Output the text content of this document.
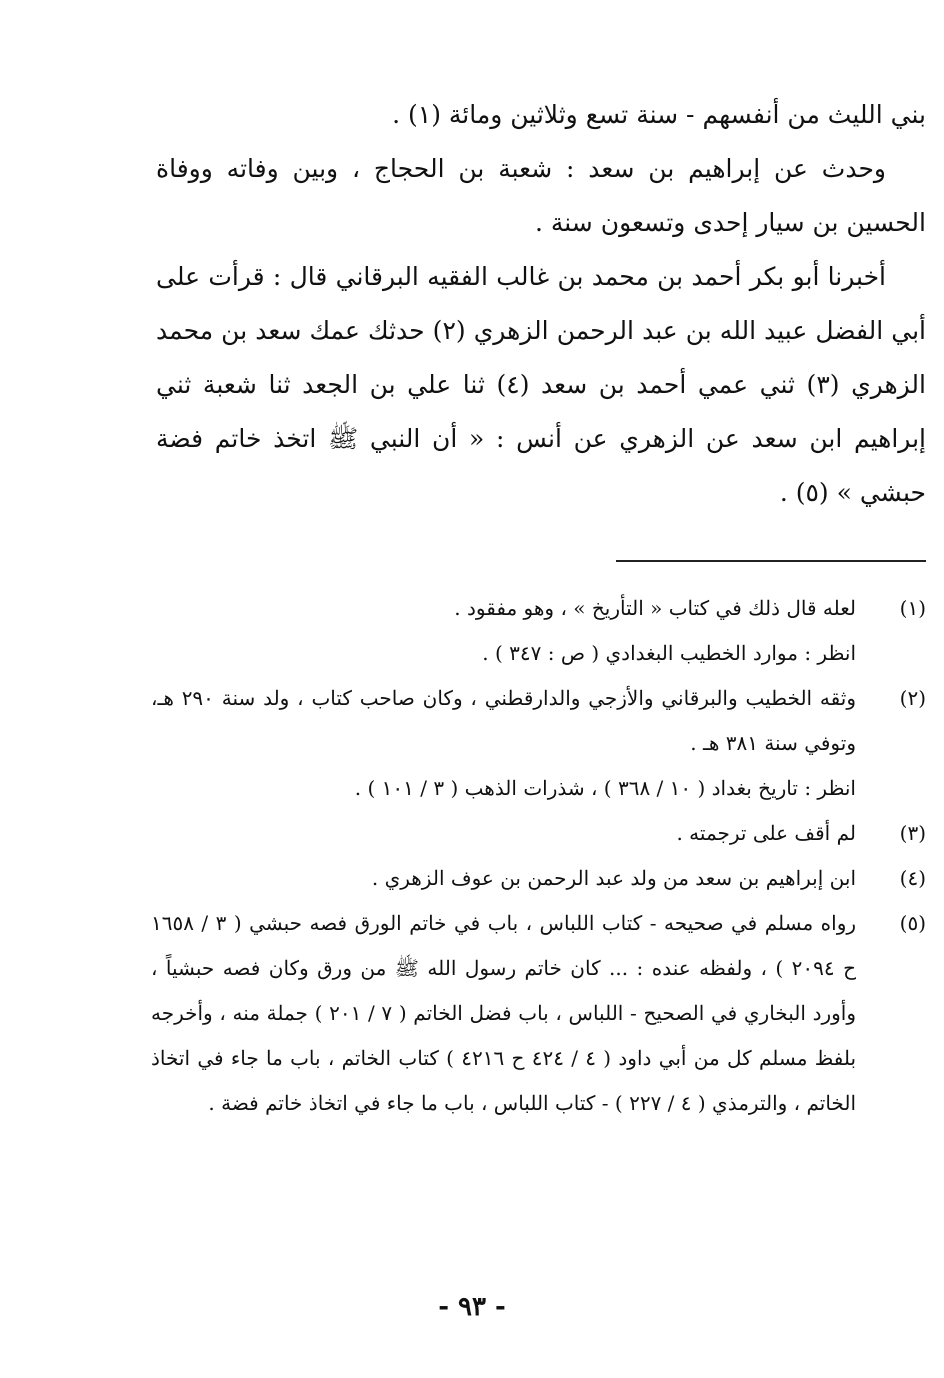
بني الليث من أنفسهم - سنة تسع وثلاثين ومائة (١) .

وحدث عن إبراهيم بن سعد : شعبة بن الحجاج ، وبين وفاته ووفاة الحسين بن سيار إحدى وتسعون سنة .

أخبرنا أبو بكر أحمد بن محمد بن غالب الفقيه البرقاني قال : قرأت على أبي الفضل عبيد الله بن عبد الرحمن الزهري (٢) حدثك عمك سعد بن محمد الزهري (٣) ثني عمي أحمد بن سعد (٤) ثنا علي بن الجعد ثنا شعبة ثني إبراهيم ابن سعد عن الزهري عن أنس : « أن النبي ﷺ اتخذ خاتم فضة حبشي » (٥) .

(١)

لعله قال ذلك في كتاب « التأريخ » ، وهو مفقود .

انظر : موارد الخطيب البغدادي ( ص : ٣٤٧ ) .

(٢)

وثقه الخطيب والبرقاني والأزجي والدارقطني ، وكان صاحب كتاب ، ولد سنة ٢٩٠ هـ، وتوفي سنة ٣٨١ هـ .

انظر : تاريخ بغداد ( ١٠ / ٣٦٨ ) ، شذرات الذهب ( ٣ / ١٠١ ) .

(٣)

لم أقف على ترجمته .

(٤)

ابن إبراهيم بن سعد من ولد عبد الرحمن بن عوف الزهري .

(٥)

رواه مسلم في صحيحه - كتاب اللباس ، باب في خاتم الورق فصه حبشي ( ٣ / ١٦٥٨ ح ٢٠٩٤ ) ، ولفظه عنده : ... كان خاتم رسول الله ﷺ من ورق وكان فصه حبشياً ، وأورد البخاري في الصحيح - اللباس ، باب فضل الخاتم ( ٧ / ٢٠١ ) جملة منه ، وأخرجه بلفظ مسلم كل من أبي داود ( ٤ / ٤٢٤ ح ٤٢١٦ ) كتاب الخاتم ، باب ما جاء في اتخاذ الخاتم ، والترمذي ( ٤ / ٢٢٧ ) - كتاب اللباس ، باب ما جاء في اتخاذ خاتم فضة .

- ٩٣ -
